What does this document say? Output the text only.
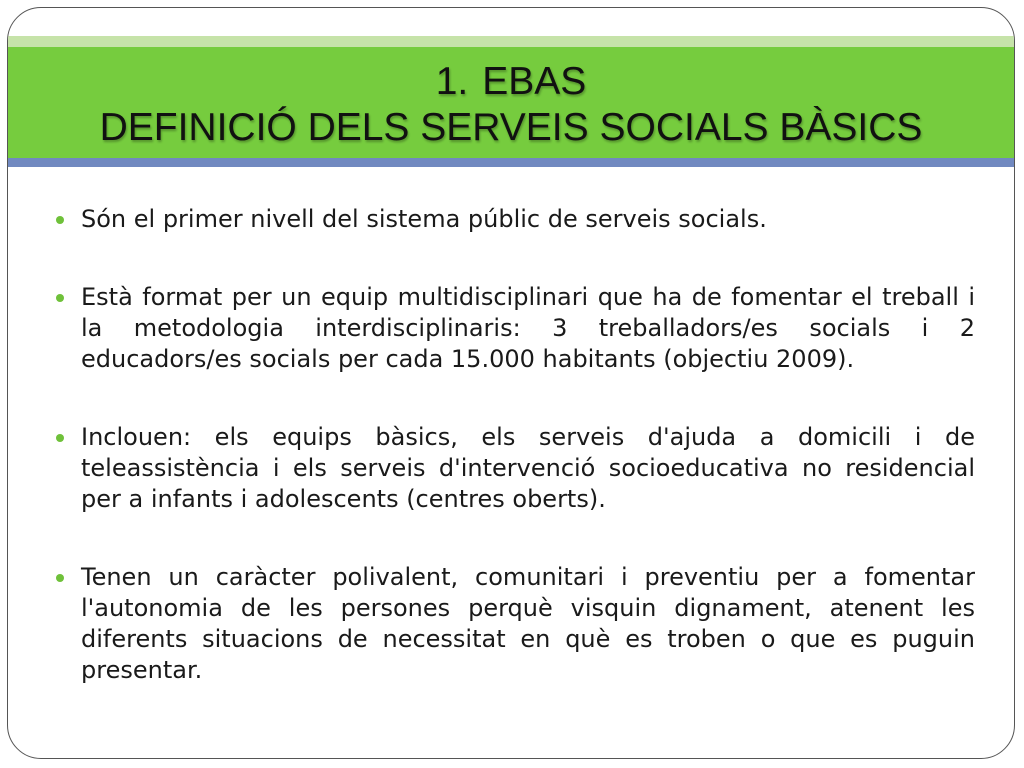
1. EBAS
DEFINICIÓ DELS SERVEIS SOCIALS BÀSICS
Són el primer nivell del sistema públic de serveis socials.
Està format per un equip multidisciplinari que ha de fomentar el treball i la metodologia interdisciplinaris: 3 treballadors/es socials i 2 educadors/es socials per cada 15.000 habitants (objectiu 2009).
Inclouen: els equips bàsics, els serveis d'ajuda a domicili i de teleassistència i els serveis d'intervenció socioeducativa no residencial per a infants i adolescents (centres oberts).
Tenen un caràcter polivalent, comunitari i preventiu per a fomentar l'autonomia de les persones perquè visquin dignament, atenent les diferents situacions de necessitat en què es troben o que es puguin presentar.
